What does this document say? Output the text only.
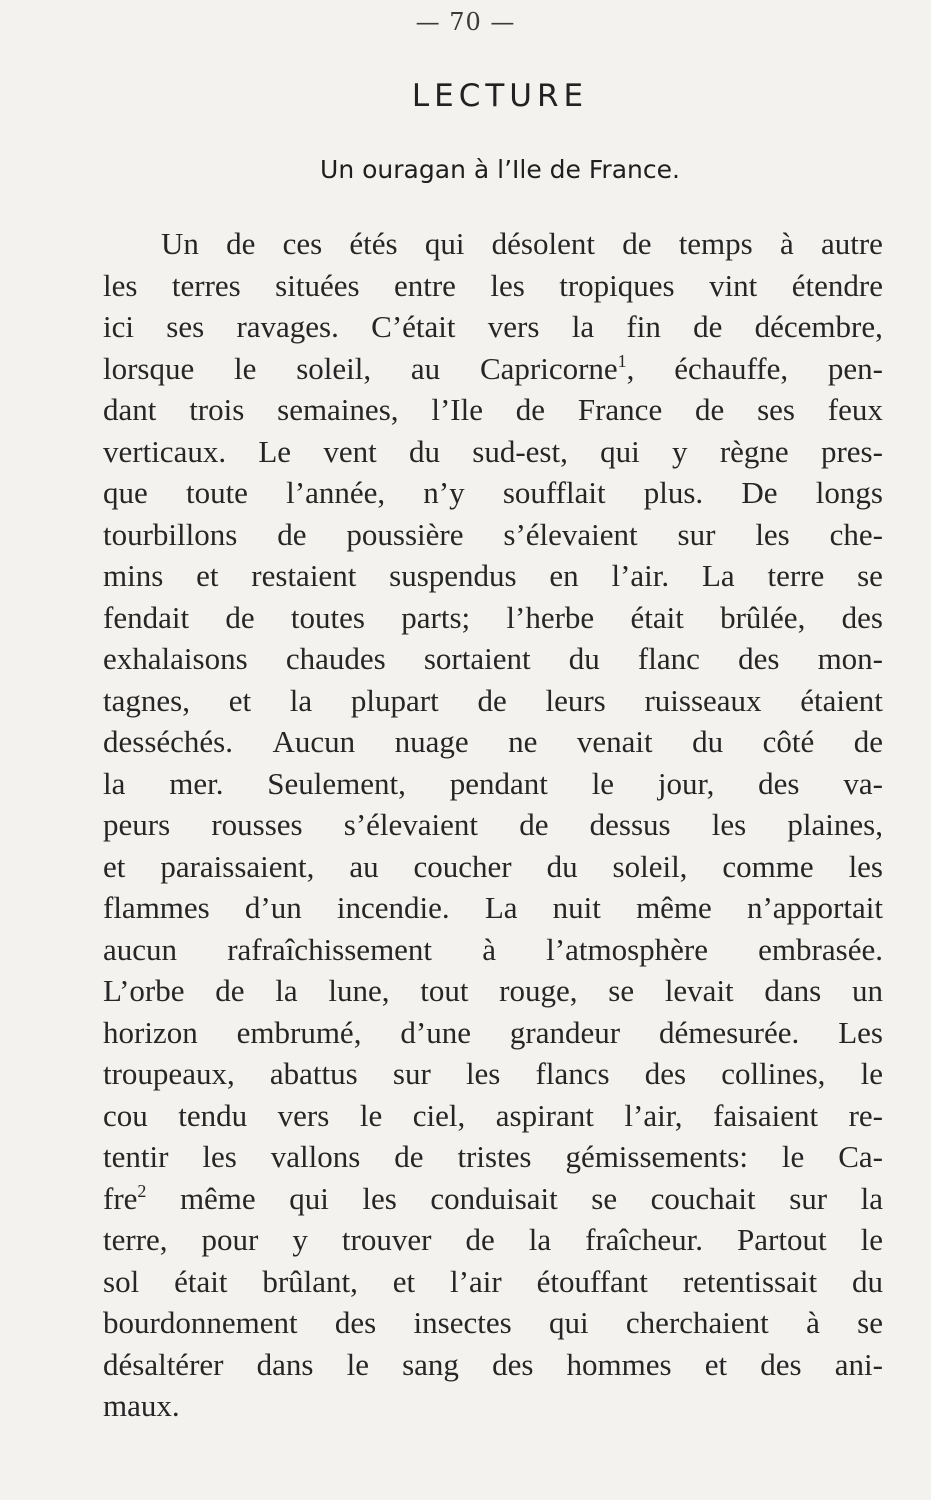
— 70 —
LECTURE
Un ouragan à l’Ile de France.
Un de ces étés qui désolent de temps à autre
les terres situées entre les tropiques vint étendre
ici ses ravages. C’était vers la fin de décembre,
lorsque le soleil, au Capricorne$^1$, échauffe, pen-
dant trois semaines, l’Ile de France de ses feux
verticaux. Le vent du sud-est, qui y règne pres-
que toute l’année, n’y soufflait plus. De longs
tourbillons de poussière s’élevaient sur les che-
mins et restaient suspendus en l’air. La terre se
fendait de toutes parts; l’herbe était brûlée, des
exhalaisons chaudes sortaient du flanc des mon-
tagnes, et la plupart de leurs ruisseaux étaient
desséchés. Aucun nuage ne venait du côté de
la mer. Seulement, pendant le jour, des va-
peurs rousses s’élevaient de dessus les plaines,
et paraissaient, au coucher du soleil, comme les
flammes d’un incendie. La nuit même n’apportait
aucun rafraîchissement à l’atmosphère embrasée.
L’orbe de la lune, tout rouge, se levait dans un
horizon embrumé, d’une grandeur démesurée. Les
troupeaux, abattus sur les flancs des collines, le
cou tendu vers le ciel, aspirant l’air, faisaient re-
tentir les vallons de tristes gémissements: le Ca-
fre$^2$ même qui les conduisait se couchait sur la
terre, pour y trouver de la fraîcheur. Partout le
sol était brûlant, et l’air étouffant retentissait du
bourdonnement des insectes qui cherchaient à se
désaltérer dans le sang des hommes et des ani-
maux.
